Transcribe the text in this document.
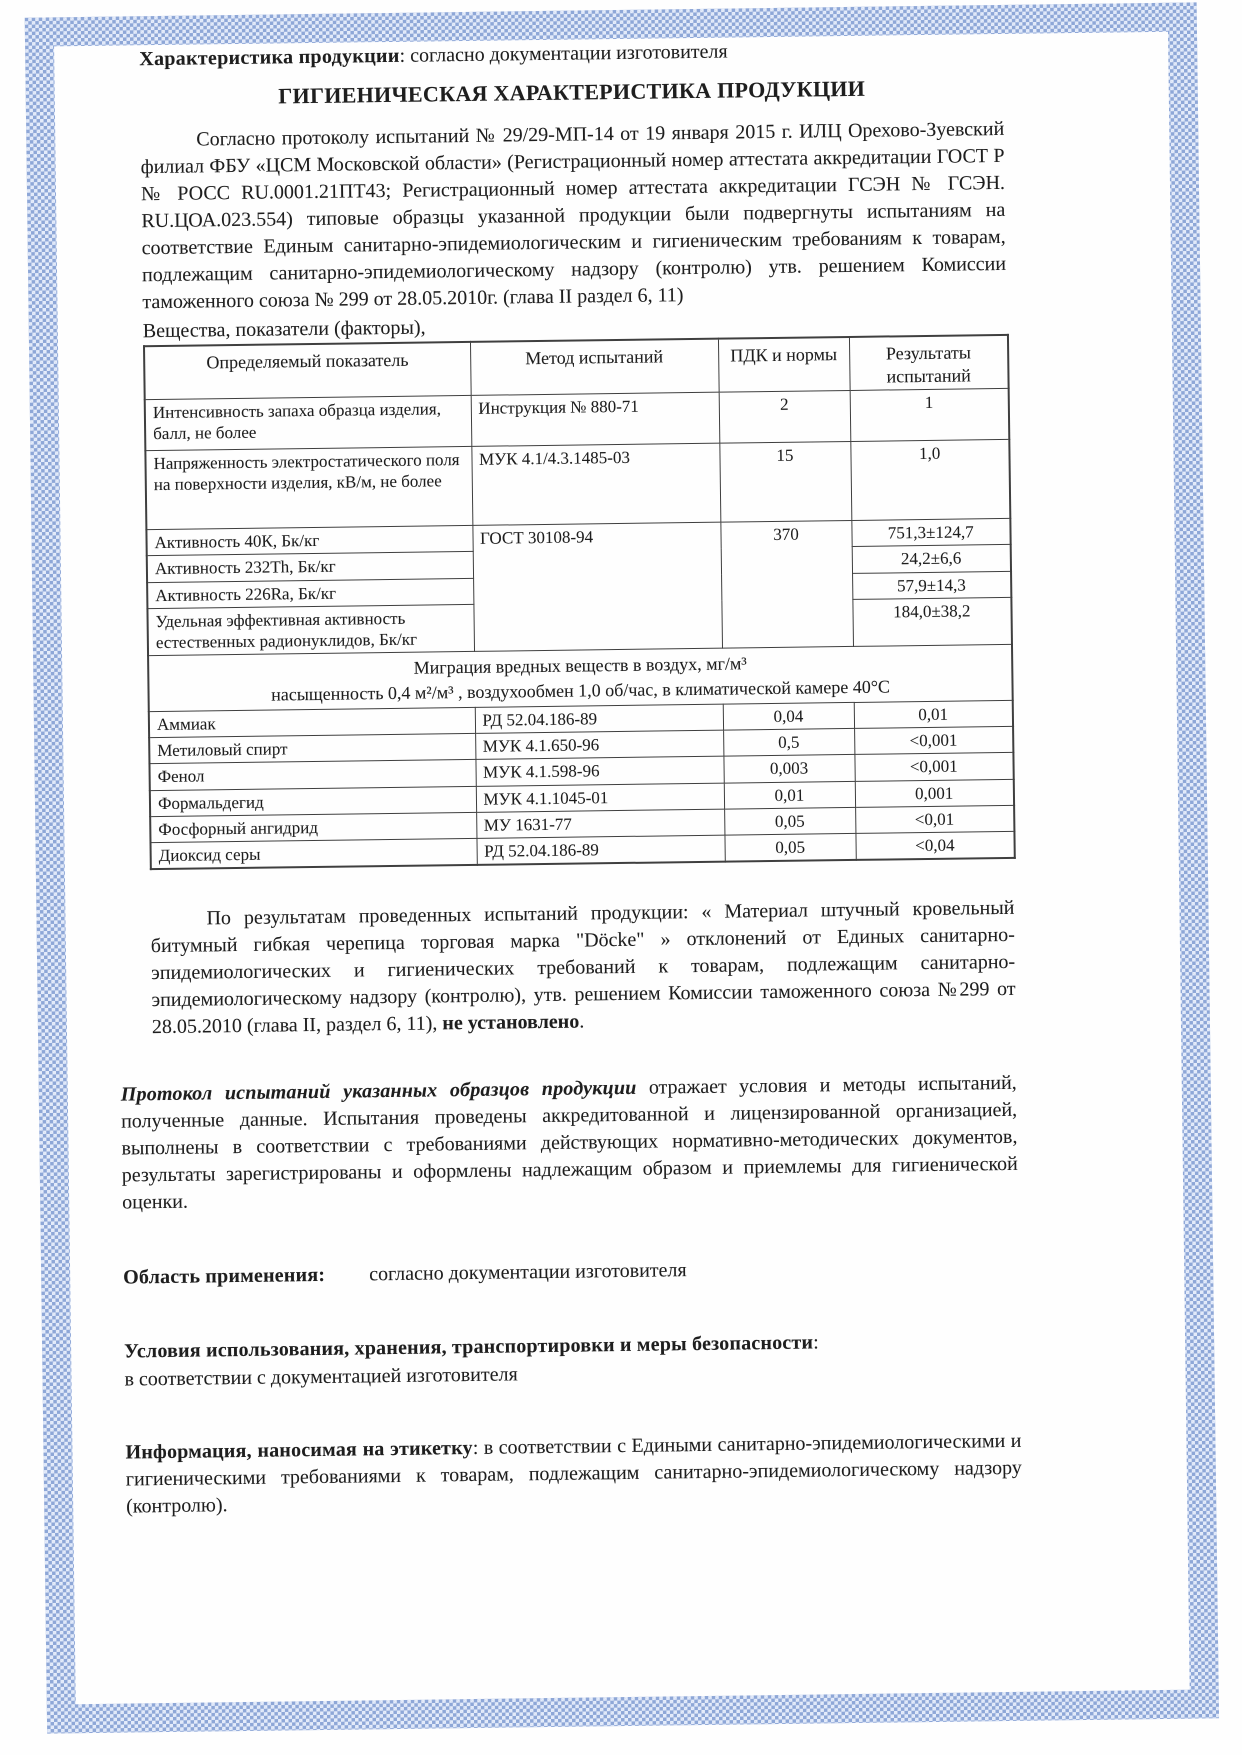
Характеристика продукции: согласно документации изготовителя

ГИГИЕНИЧЕСКАЯ ХАРАКТЕРИСТИКА ПРОДУКЦИИ

Согласно протоколу испытаний № 29/29-МП-14 от 19 января 2015 г. ИЛЦ Орехово-Зуевский филиал ФБУ «ЦСМ Московской области» (Регистрационный номер аттестата аккредитации ГОСТ Р № РОСС RU.0001.21ПТ43; Регистрационный номер аттестата аккредитации ГСЭН № ГСЭН. RU.ЦОА.023.554) типовые образцы указанной продукции были подвергнуты испытаниям на соответствие Единым санитарно-эпидемиологическим и гигиеническим требованиям к товарам, подлежащим санитарно-эпидемиологическому надзору (контролю) утв. решением Комиссии таможенного союза № 299 от 28.05.2010г. (глава II раздел 6, 11)

Вещества, показатели (факторы),

Определяемый показатель	Метод испытаний	ПДК и нормы	Результаты испытаний
Интенсивность запаха образца изделия, балл, не более	Инструкция № 880-71	2	1
Напряженность электростатического поля на поверхности изделия, кВ/м, не более	МУК 4.1/4.3.1485-03	15	1,0
Активность 40К, Бк/кг	ГОСТ 30108-94	370	751,3±124,7
Активность 232Th, Бк/кг			24,2±6,6
Активность 226Ra, Бк/кг			57,9±14,3
Удельная эффективная активность естественных радионуклидов, Бк/кг			184,0±38,2

Миграция вредных веществ в воздух, мг/м³
насыщенность 0,4 м²/м³ , воздухообмен 1,0 об/час, в климатической камере 40°С			

Аммиак	РД 52.04.186-89	0,04	0,01
Метиловый спирт	МУК 4.1.650-96	0,5	<0,001
Фенол	МУК 4.1.598-96	0,003	<0,001
Формальдегид	МУК 4.1.1045-01	0,01	0,001
Фосфорный ангидрид	МУ 1631-77	0,05	<0,01
Диоксид серы	РД 52.04.186-89	0,05	<0,04

По результатам проведенных испытаний продукции: « Материал штучный кровельный битумный гибкая черепица торговая марка "Döcke" » отклонений от Единых санитарно-эпидемиологических и гигиенических требований к товарам, подлежащим санитарно-эпидемиологическому надзору (контролю), утв. решением Комиссии таможенного союза №299 от 28.05.2010 (глава II, раздел 6, 11), не установлено.

Протокол испытаний указанных образцов продукции отражает условия и методы испытаний, полученные данные. Испытания проведены аккредитованной и лицензированной организацией, выполнены в соответствии с требованиями действующих нормативно-методических документов, результаты зарегистрированы и оформлены надлежащим образом и приемлемы для гигиенической оценки.

Область применения: согласно документации изготовителя

Условия использования, хранения, транспортировки и меры безопасности:

в соответствии с документацией изготовителя

Информация, наносимая на этикетку: в соответствии с Едиными санитарно-эпидемиологическими и гигиеническими требованиями к товарам, подлежащим санитарно-эпидемиологическому надзору (контролю).
